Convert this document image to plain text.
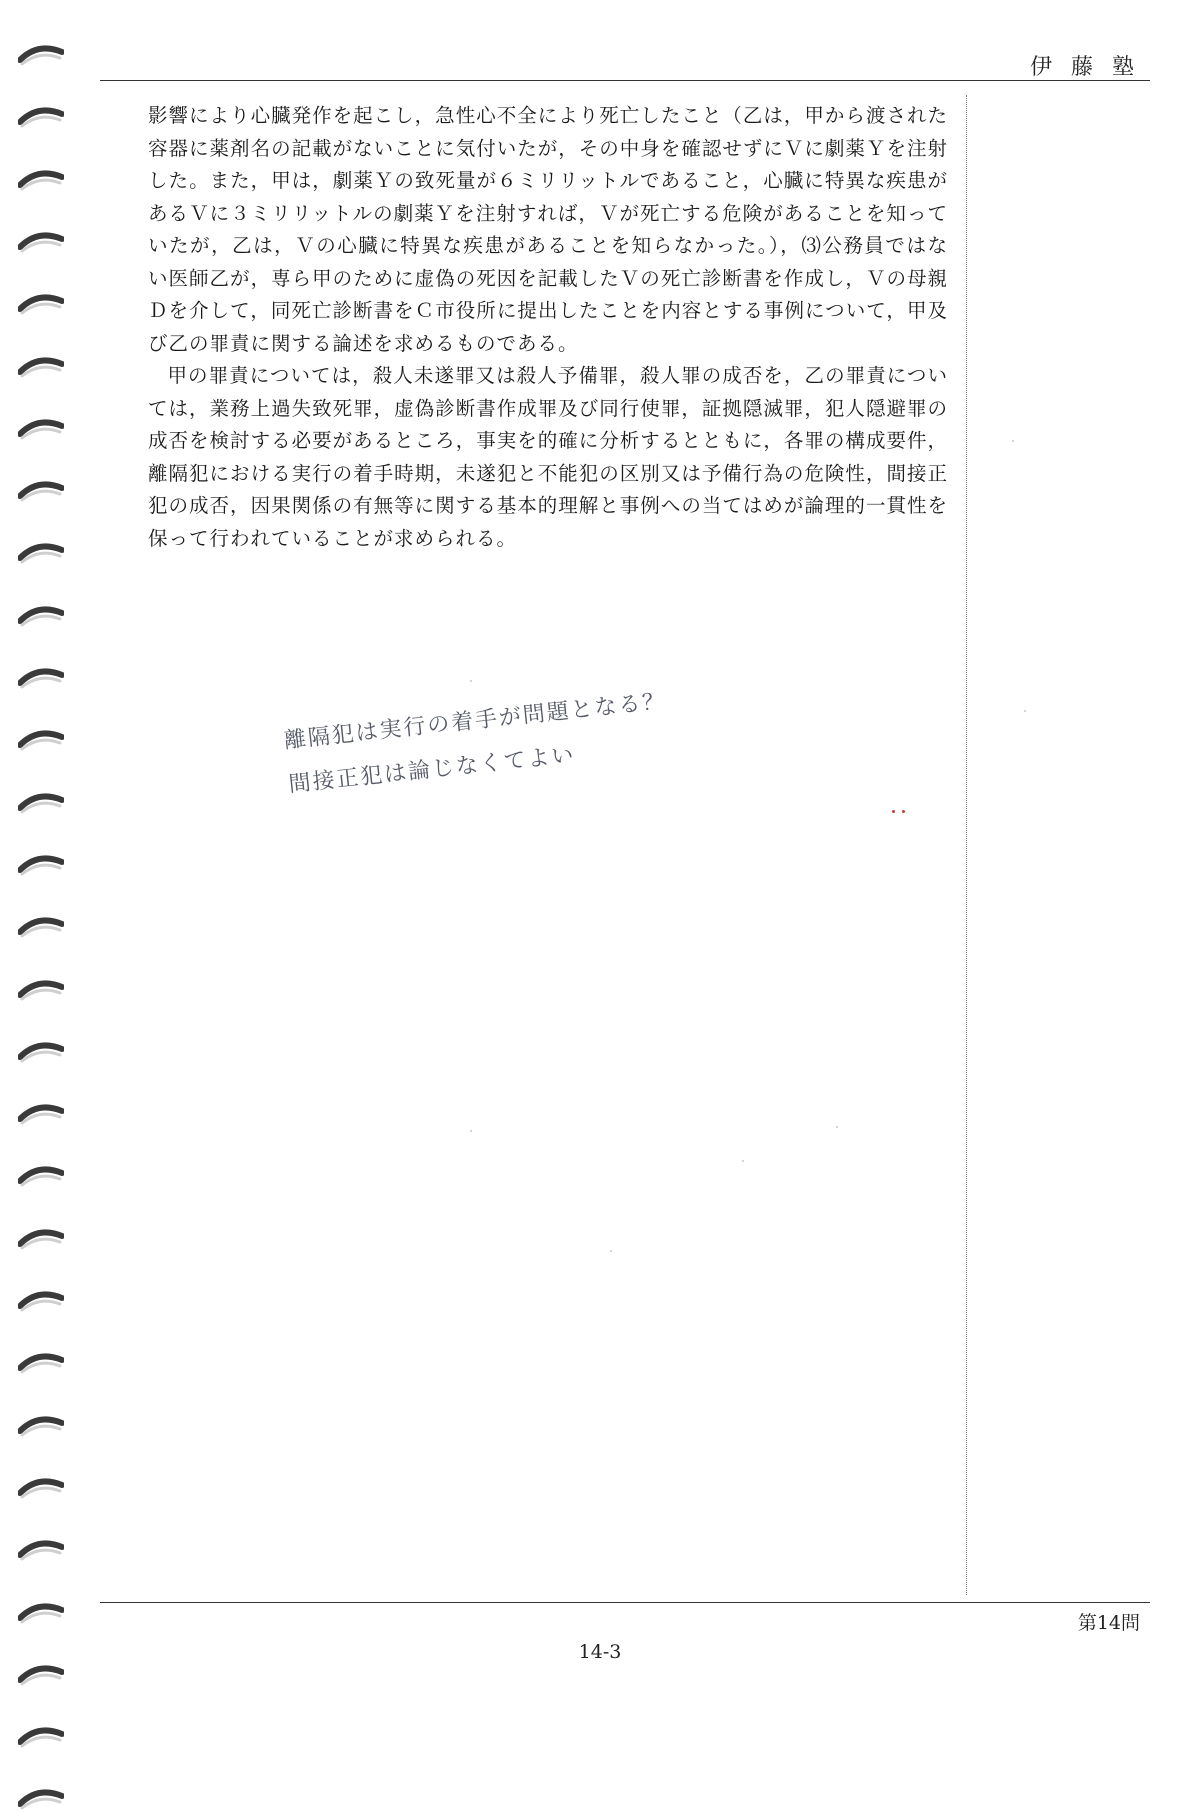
伊 藤 塾

影響により心臓発作を起こし，急性心不全により死亡したこと（乙は，甲から渡された容器に薬剤名の記載がないことに気付いたが，その中身を確認せずにＶに劇薬Ｙを注射した。また，甲は，劇薬Ｙの致死量が６ミリリットルであること，心臓に特異な疾患があるＶに３ミリリットルの劇薬Ｙを注射すれば，Ｖが死亡する危険があることを知っていたが，乙は，Ｖの心臓に特異な疾患があることを知らなかった。），⑶公務員ではない医師乙が，専ら甲のために虚偽の死因を記載したＶの死亡診断書を作成し，Ｖの母親Ｄを介して，同死亡診断書をＣ市役所に提出したことを内容とする事例について，甲及び乙の罪責に関する論述を求めるものである。

甲の罪責については，殺人未遂罪又は殺人予備罪，殺人罪の成否を，乙の罪責については，業務上過失致死罪，虚偽診断書作成罪及び同行使罪，証拠隠滅罪，犯人隠避罪の成否を検討する必要があるところ，事実を的確に分析するとともに，各罪の構成要件，離隔犯における実行の着手時期，未遂犯と不能犯の区別又は予備行為の危険性，間接正犯の成否，因果関係の有無等に関する基本的理解と事例への当てはめが論理的一貫性を保って行われていることが求められる。

離隔犯は実行の着手が問題となる？
間接正犯は論じなくてよい
第14問
14-3
